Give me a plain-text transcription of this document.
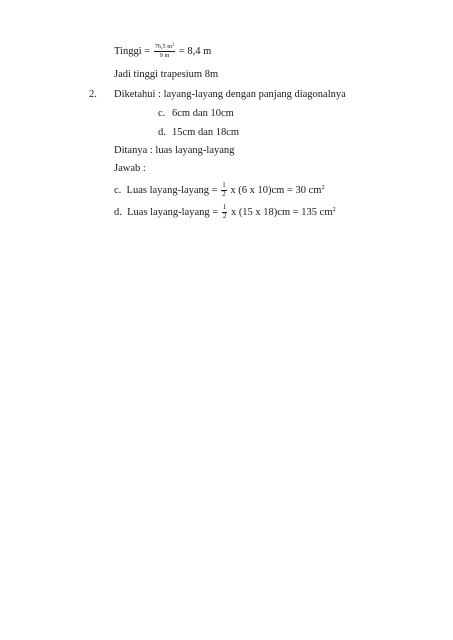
Tinggi = $\frac{76,5 m^2}{9 m} = 8,4$ m
Jadi tinggi trapesium 8m
2. Diketahui : layang-layang dengan panjang diagonalnya
c. 6cm dan 10cm
d. 15cm dan 18cm
Ditanya : luas layang-layang
Jawab :
c. Luas layang-layang = $\frac{1}{2}$ x (6 x 10)cm = 30 $cm^2$
d. Luas layang-layang = $\frac{1}{2}$ x (15 x 18)cm = 135 $cm^2$
